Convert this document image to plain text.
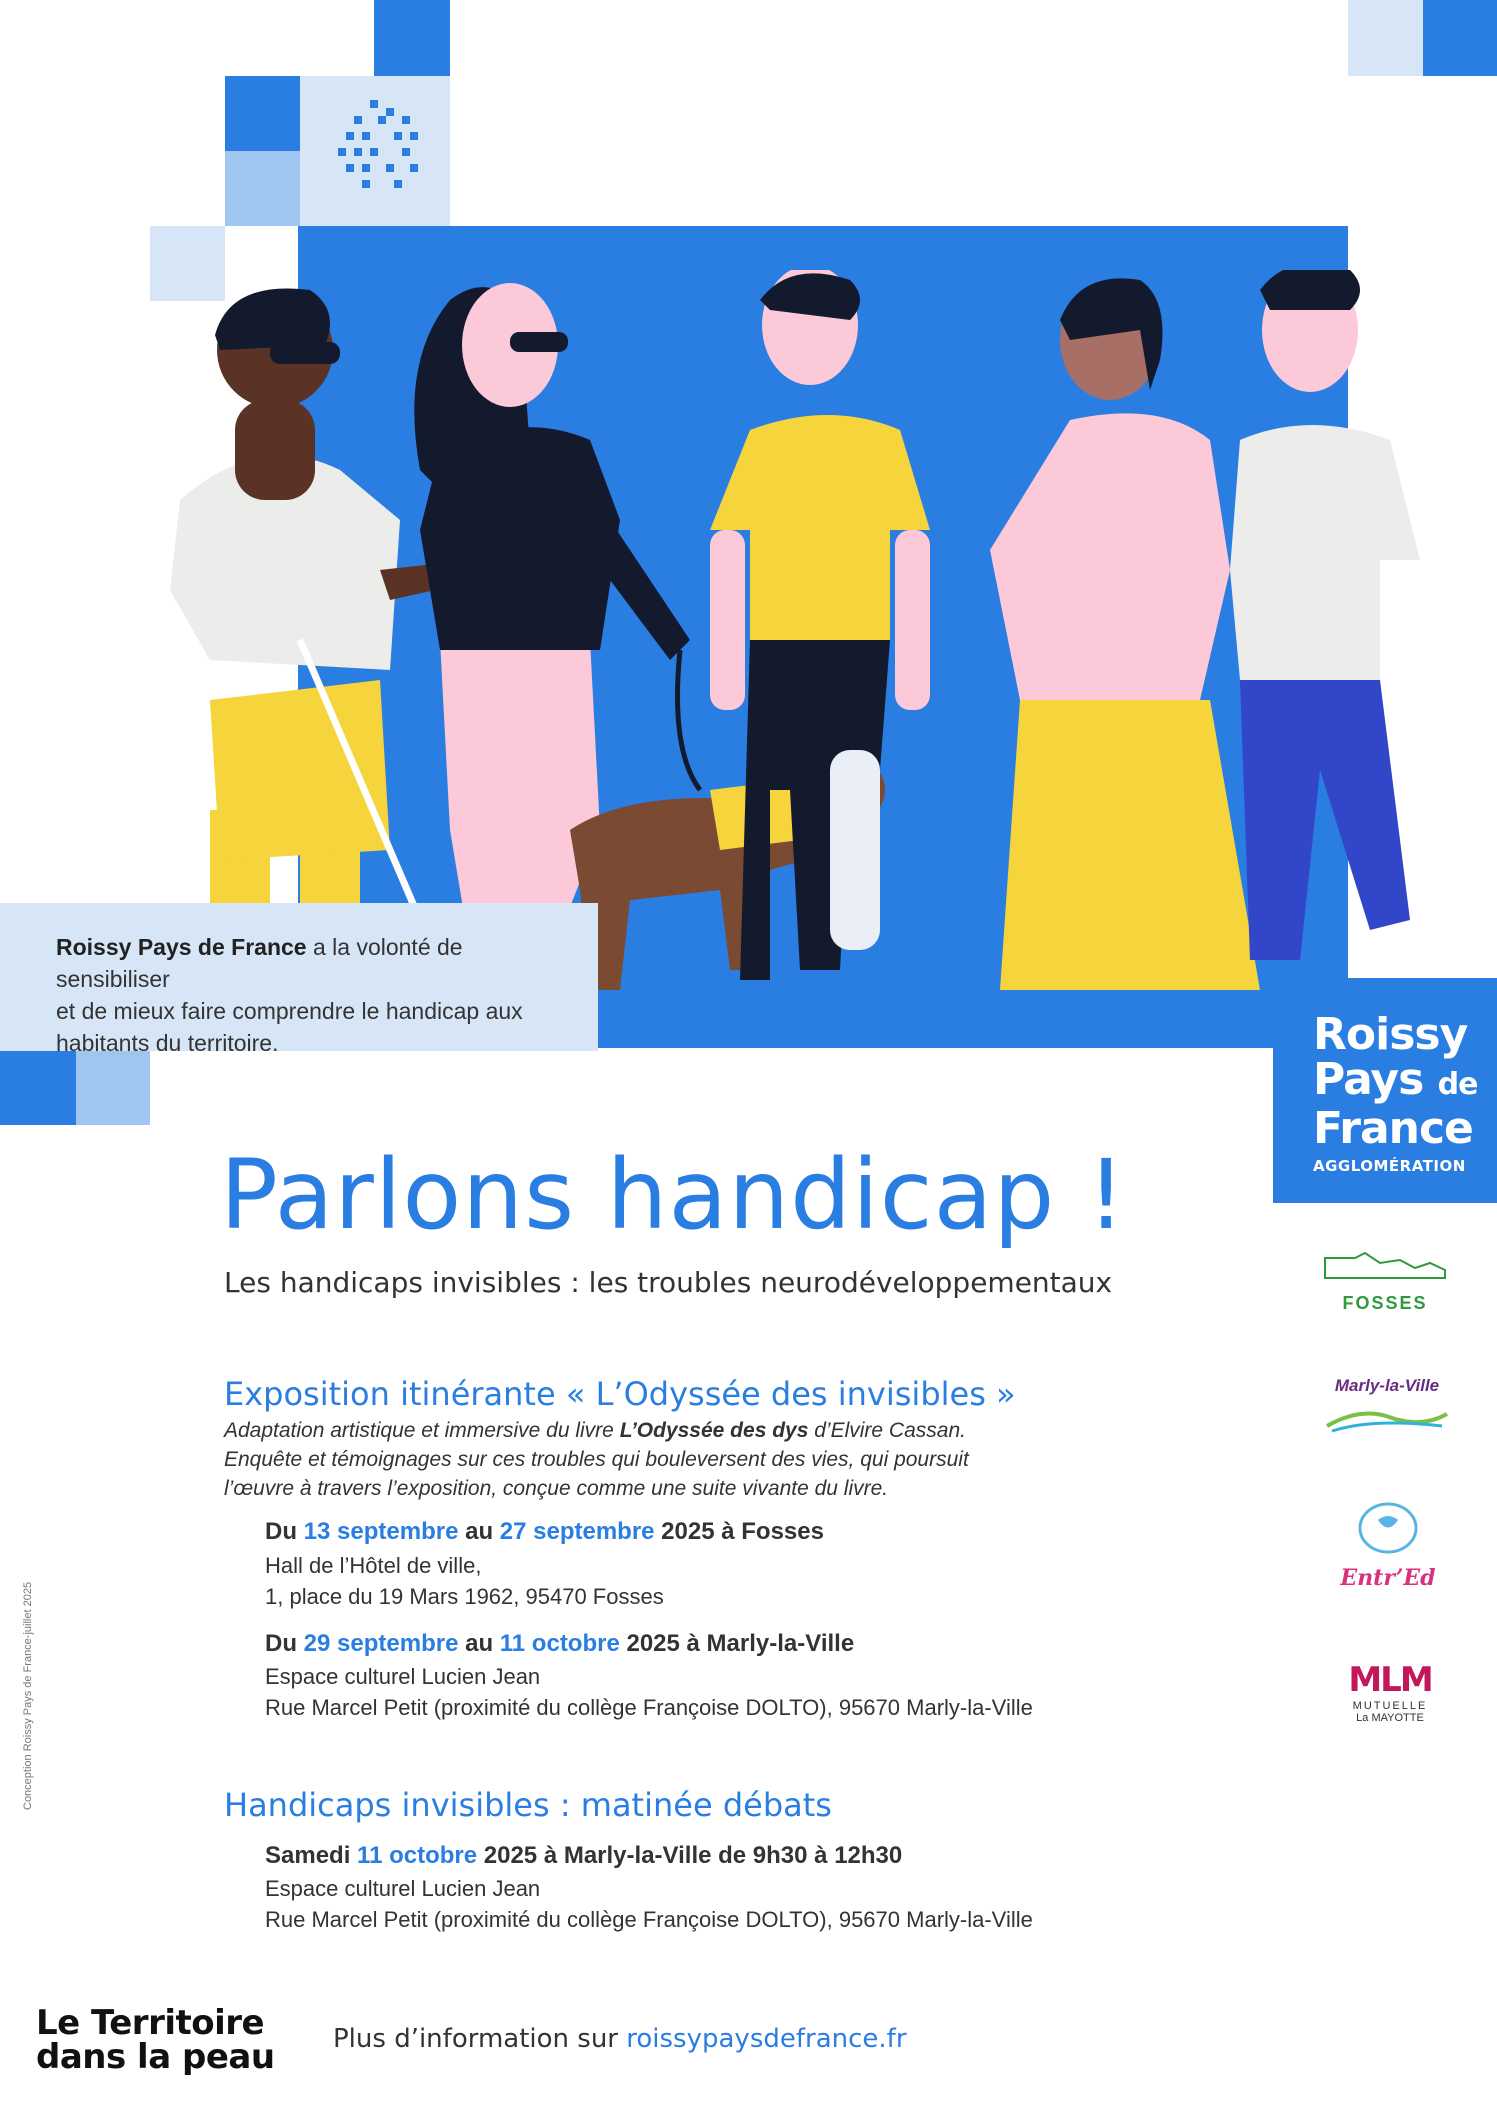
Roissy Pays de France a la volonté de sensibiliser
et de mieux faire comprendre le handicap aux
habitants du territoire.	Roissy
Pays de
France
AGGLOMÉRATION
Parlons handicap !
Les handicaps invisibles : les troubles neurodéveloppementaux
Exposition itinérante « L’Odyssée des invisibles »
Adaptation artistique et immersive du livre L’Odyssée des dys d’Elvire Cassan.
Enquête et témoignages sur ces troubles qui bouleversent des vies, qui poursuit
l’œuvre à travers l’exposition, conçue comme une suite vivante du livre.
Du 13 septembre au 27 septembre 2025 à Fosses
Hall de l’Hôtel de ville,
1, place du 19 Mars 1962, 95470 Fosses
Du 29 septembre au 11 octobre 2025 à Marly-la-Ville
Espace culturel Lucien Jean
Rue Marcel Petit (proximité du collège Françoise DOLTO), 95670 Marly-la-Ville
Handicaps invisibles : matinée débats
Samedi 11 octobre 2025 à Marly-la-Ville de 9h30 à 12h30
Espace culturel Lucien Jean
Rue Marcel Petit (proximité du collège Françoise DOLTO), 95670 Marly-la-Ville
Conception Roissy Pays de France-juillet 2025
FOSSES
Marly-la-Ville
Entr’Ed
MLM
MUTUELLE
La MAYOTTE
Le Territoire
dans la peau Plus d’information sur roissypaysdefrance.fr
